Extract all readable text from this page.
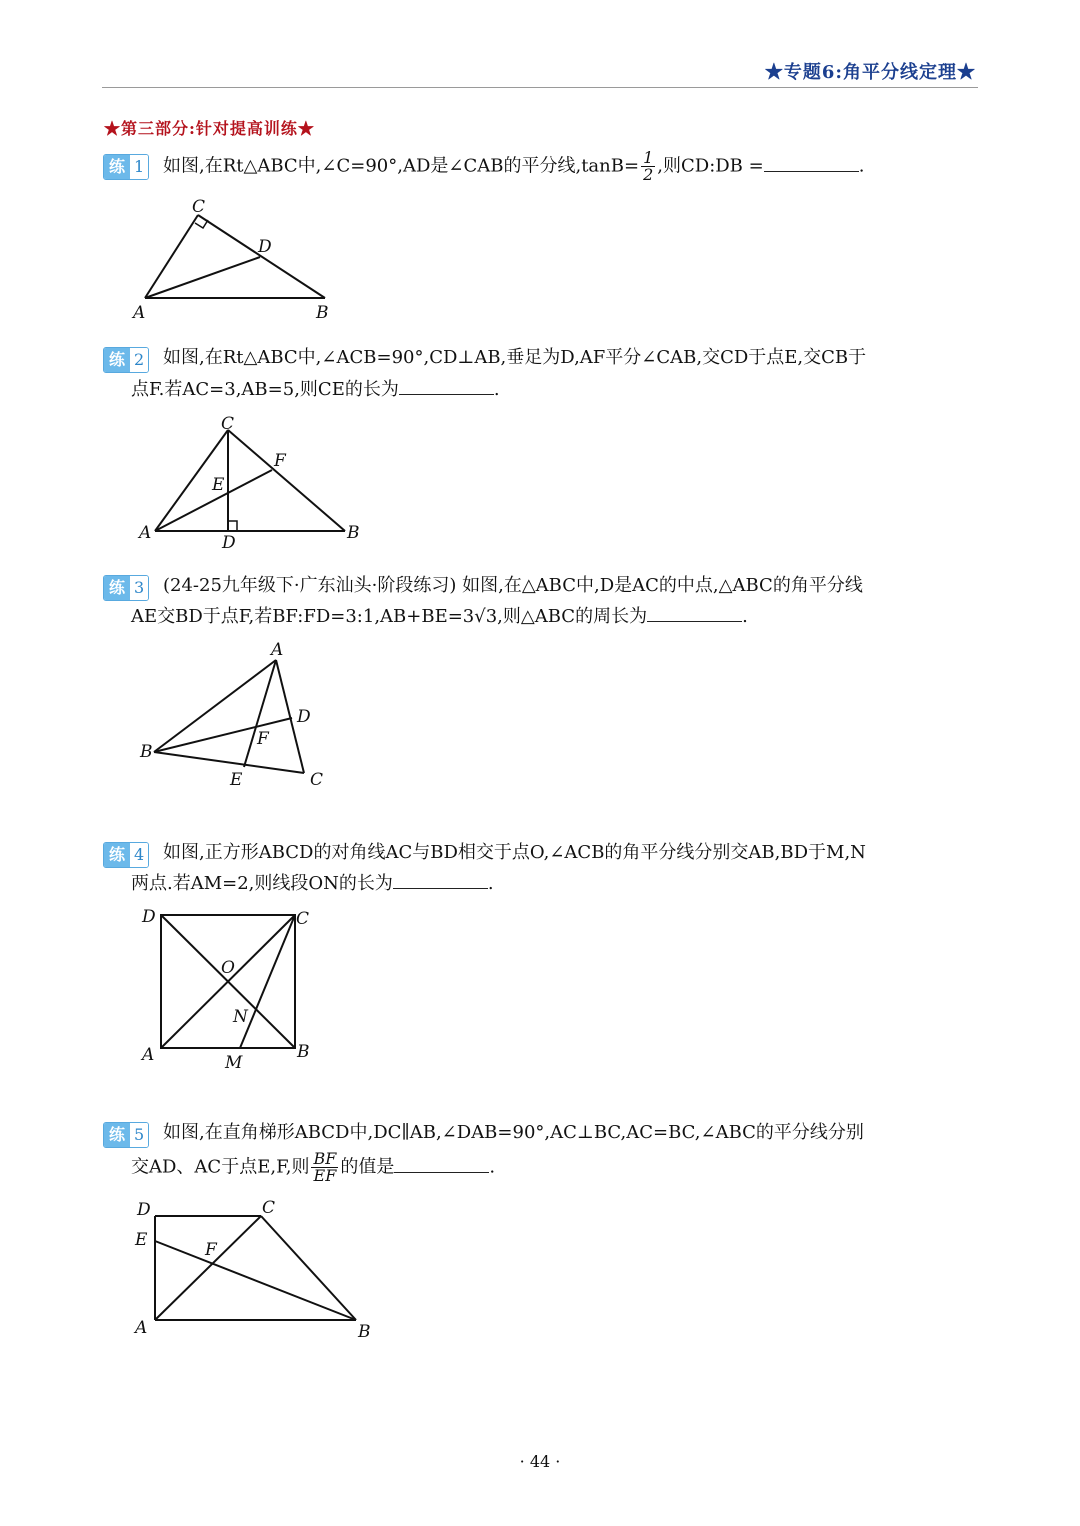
★专题6:角平分线定理★
★第三部分:针对提高训练★
练 1 如图,在Rt△ABC中,∠C=90°,AD是∠CAB的平分线$,\tan B= \frac{1}{2}$ ,则CD:DB =	.
C
D
A	B
练 2 如图,在Rt△ABC中,∠ACB=90°,CD⊥AB,垂足为D,AF平分∠CAB,交CD于点E,交CB于
点F.若AC=3,AB=5,则CE的长为	.
C
F
E
A	B
D
练 3 (24-25九年级下·广东汕头·阶段练习) 如图,在△ABC中,D是AC的中点,△ABC的角平分线
AE交BD于点F,若BF:FD=3:1,AB+BE=3√3,则△ABC的周长为	.
A
D
F
B
E	C
练 4 如图,正方形ABCD的对角线AC与BD相交于点O,∠ACB的角平分线分别交AB,BD于M,N
两点.若AM=2,则线段ON的长为	.
D	C
O
N
A	B
M
练 5 如图,在直角梯形ABCD中,DC∥AB,∠DAB=90°,AC⊥BC,AC=BC,∠ABC的平分线分别
交AD、AC于点E,F,则 $\frac{BF}{EF}$ 的值是	.
D	C
E	F
A	B
· 44 ·
